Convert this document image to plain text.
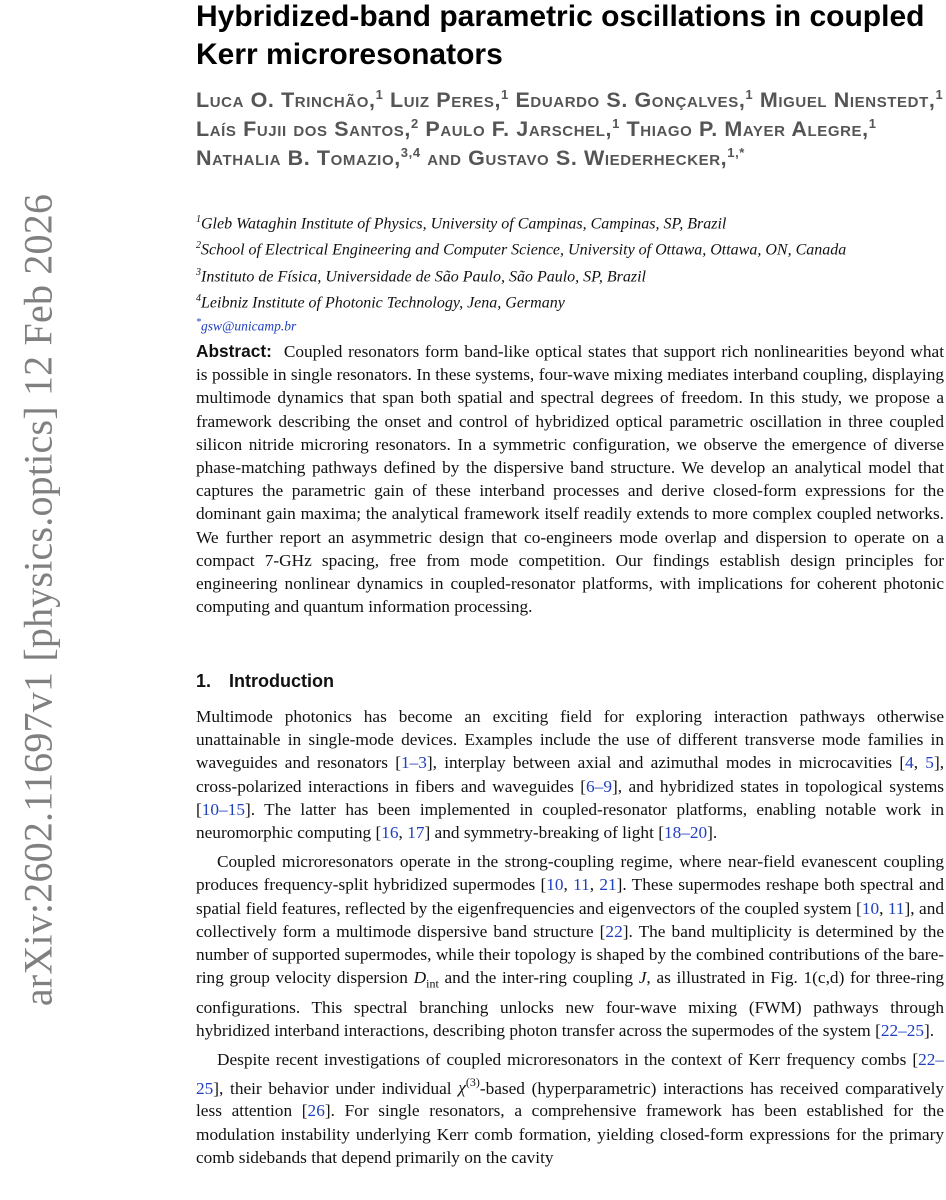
arXiv:2602.11697v1 [physics.optics] 12 Feb 2026
Hybridized-band parametric oscillations in coupled Kerr microresonators

Luca O. Trinchão,$^1$ Luiz Peres,$^1$ Eduardo S. Gonçalves,$^1$ Miguel Nienstedt,$^1$ Laís Fujii dos Santos,$^2$ Paulo F. Jarschel,$^1$ Thiago P. Mayer Alegre,$^1$ Nathalia B. Tomazio,$^{3,4}$ and Gustavo S. Wiederhecker,$^{1,*}$

$^1$Gleb Wataghin Institute of Physics, University of Campinas, Campinas, SP, Brazil
$^2$School of Electrical Engineering and Computer Science, University of Ottawa, Ottawa, ON, Canada
$^3$Instituto de Física, Universidade de São Paulo, São Paulo, SP, Brazil
$^4$Leibniz Institute of Photonic Technology, Jena, Germany
*gsw@unicamp.br

Abstract: Coupled resonators form band-like optical states that support rich nonlinearities beyond what is possible in single resonators. In these systems, four-wave mixing mediates interband coupling, displaying multimode dynamics that span both spatial and spectral degrees of freedom. In this study, we propose a framework describing the onset and control of hybridized optical parametric oscillation in three coupled silicon nitride microring resonators. In a symmetric configuration, we observe the emergence of diverse phase-matching pathways defined by the dispersive band structure. We develop an analytical model that captures the parametric gain of these interband processes and derive closed-form expressions for the dominant gain maxima; the analytical framework itself readily extends to more complex coupled networks. We further report an asymmetric design that co-engineers mode overlap and dispersion to operate on a compact 7-GHz spacing, free from mode competition. Our findings establish design principles for engineering nonlinear dynamics in coupled-resonator platforms, with implications for coherent photonic computing and quantum information processing.

1. Introduction

Multimode photonics has become an exciting field for exploring interaction pathways otherwise unattainable in single-mode devices. Examples include the use of different transverse mode families in waveguides and resonators [1–3], interplay between axial and azimuthal modes in microcavities [4, 5], cross-polarized interactions in fibers and waveguides [6–9], and hybridized states in topological systems [10–15]. The latter has been implemented in coupled-resonator platforms, enabling notable work in neuromorphic computing [16, 17] and symmetry-breaking of light [18–20].

Coupled microresonators operate in the strong-coupling regime, where near-field evanescent coupling produces frequency-split hybridized supermodes [10, 11, 21]. These supermodes reshape both spectral and spatial field features, reflected by the eigenfrequencies and eigenvectors of the coupled system [10, 11], and collectively form a multimode dispersive band structure [22]. The band multiplicity is determined by the number of supported supermodes, while their topology is shaped by the combined contributions of the bare-ring group velocity dispersion $D_{int}$ and the inter-ring coupling J, as illustrated in Fig. 1(c,d) for three-ring configurations. This spectral branching unlocks new four-wave mixing (FWM) pathways through hybridized interband interactions, describing photon transfer across the supermodes of the system [22–25].

Despite recent investigations of coupled microresonators in the context of Kerr frequency combs [22–25], their behavior under individual $\chi^{(3)}$-based (hyperparametric) interactions has received comparatively less attention [26]. For single resonators, a comprehensive framework has been established for the modulation instability underlying Kerr comb formation, yielding closed-form expressions for the primary comb sidebands that depend primarily on the cavity
